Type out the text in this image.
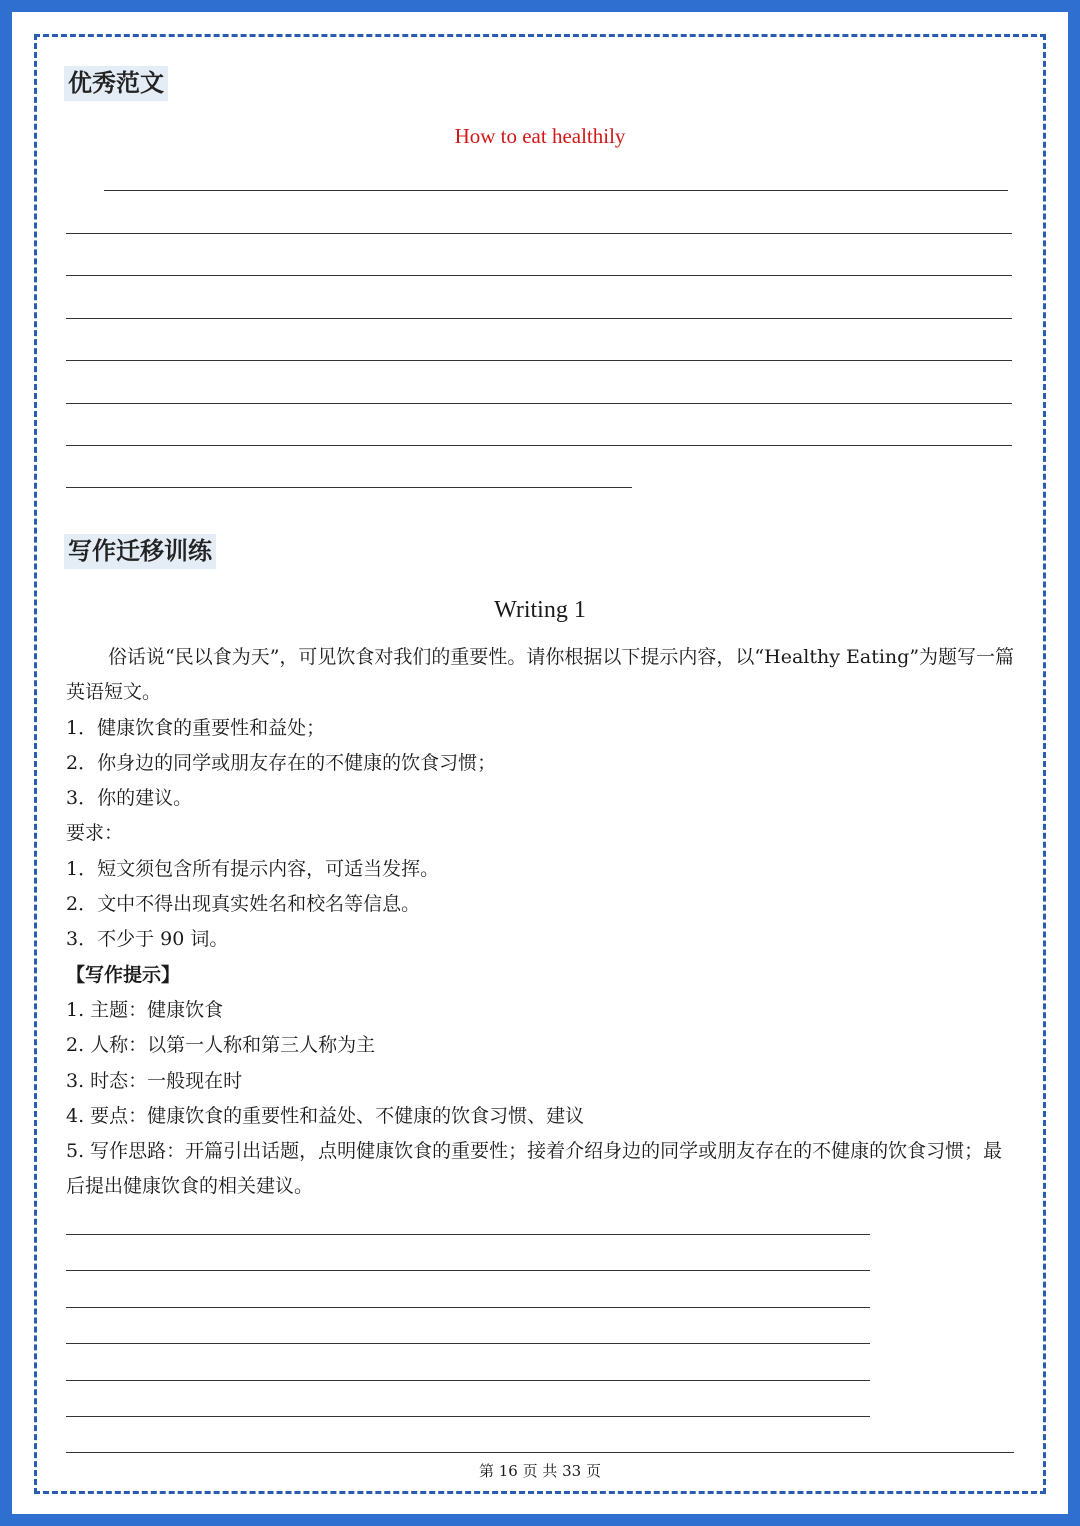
优秀范文
How to eat healthily
写作迁移训练
Writing 1

俗话说“民以食为天”，可见饮食对我们的重要性。请你根据以下提示内容，以“Healthy Eating”为题写一篇英语短文。

1．健康饮食的重要性和益处；

2．你身边的同学或朋友存在的不健康的饮食习惯；

3．你的建议。

要求：

1．短文须包含所有提示内容，可适当发挥。

2．文中不得出现真实姓名和校名等信息。

3．不少于 90 词。

【写作提示】

1. 主题：健康饮食

2. 人称：以第一人称和第三人称为主

3. 时态：一般现在时

4. 要点：健康饮食的重要性和益处、不健康的饮食习惯、建议

5. 写作思路：开篇引出话题，点明健康饮食的重要性；接着介绍身边的同学或朋友存在的不健康的饮食习惯；最后提出健康饮食的相关建议。

第 16 页 共 33 页
